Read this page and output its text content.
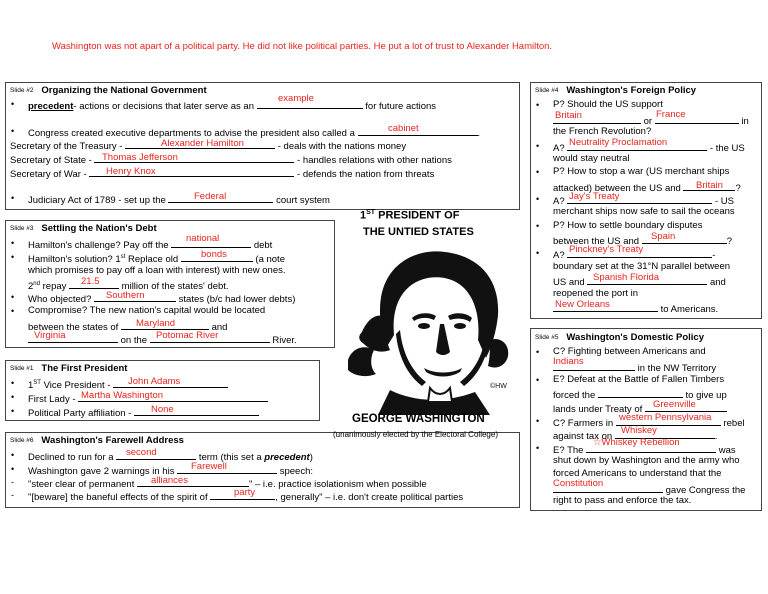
Washington was not apart of a political party. He did not like political parties. He put a lot of trust to Alexander Hamilton.
Slide #2 Organizing the National Government
• precedent- actions or decisions that later serve as an	for future actions
example
• Congress created executive departments to advise the president also called a	.
cabinet
Secretary of the Treasury -	- deals with the nations money
Alexander Hamilton
Secretary of State -	- handles relations with other nations
Thomas Jefferson
Secretary of War -	- defends the nation from threats
Henry Knox
• Judiciary Act of 1789 - set up the	court system
Federal
Slide #3 Settling the Nation's Debt
• Hamilton's challenge? Pay off the	debt
national
• Hamilton's solution? 1st Replace old	(a note
bonds
which promises to pay off a loan with interest) with new ones.
2nd repay	million of the states' debt.
21.5
• Who objected?	states (b/c had lower debts)
Southern
• Compromise? The new nation's capital would be located
between the states of	and
Maryland
on the	River.
Virginia	Potomac River
Slide #1 The First President
• 1ST Vice President -	John Adams
• First Lady - Martha Washington
• Political Party affiliation -	None
Slide #6 Washington's Farewell Address
• Declined to run for a	term (this set a precedent)
second
• Washington gave 2 warnings in his	speech:
Farewell
- "steer clear of permanent	" – i.e. practice isolationism when possible
alliances
- "[beware] the baneful effects of the spirit of	, generally" – i.e. don't create political parties
party
1ST PRESIDENT OF
THE UNTIED STATES
©HW
GEORGE WASHINGTON
(unanimously elected by the Electoral College)
Slide #4 Washington's Foreign Policy
• P? Should the US support
or	in
Britain	France
the French Revolution?
• A?	- the US
Neutrality Proclamation
would stay neutral
• P? How to stop a war (US merchant ships
attacked) between the US and	?
Britain
• A?	- US
Jay's Treaty
merchant ships now safe to sail the oceans
• P? How to settle boundary disputes
between the US and	?
Spain
• A?	-
Pinckney's Treaty
boundary set at the 31°N parallel between
US and	and
Spanish Florida
reopened the port in
to Americans.
New Orleans
Slide #5 Washington's Domestic Policy
• C? Fighting between Americans and
Indians
in the NW Territory
• E? Defeat at the Battle of Fallen Timbers
forced the	to give up
lands under Treaty of	Greenville
• C? Farmers in	rebel
western Pennsylvania
against tax on	.
Whiskey
• E? The	was
☆Whiskey Rebellion
shut down by Washington and the army who
forced Americans to understand that the
gave Congress the
Constitution
right to pass and enforce the tax.
